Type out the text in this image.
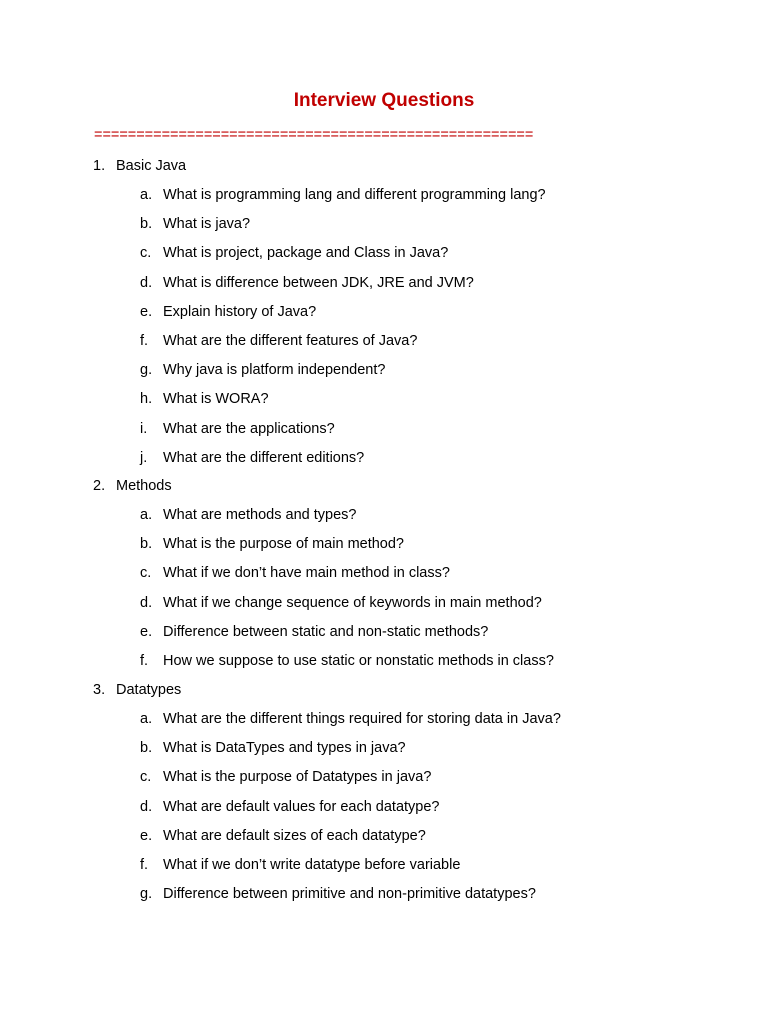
Interview Questions
====================================================
1. Basic Java
a. What is programming lang and different programming lang?
b. What is java?
c. What is project, package and Class in Java?
d. What is difference between JDK, JRE and JVM?
e. Explain history of Java?
f. What are the different features of Java?
g. Why java is platform independent?
h. What is WORA?
i. What are the applications?
j. What are the different editions?
2. Methods
a. What are methods and types?
b. What is the purpose of main method?
c. What if we don’t have main method in class?
d. What if we change sequence of keywords in main method?
e. Difference between static and non-static methods?
f. How we suppose to use static or nonstatic methods in class?
3. Datatypes
a. What are the different things required for storing data in Java?
b. What is DataTypes and types in java?
c. What is the purpose of Datatypes in java?
d. What are default values for each datatype?
e. What are default sizes of each datatype?
f. What if we don’t write datatype before variable
g. Difference between primitive and non-primitive datatypes?
